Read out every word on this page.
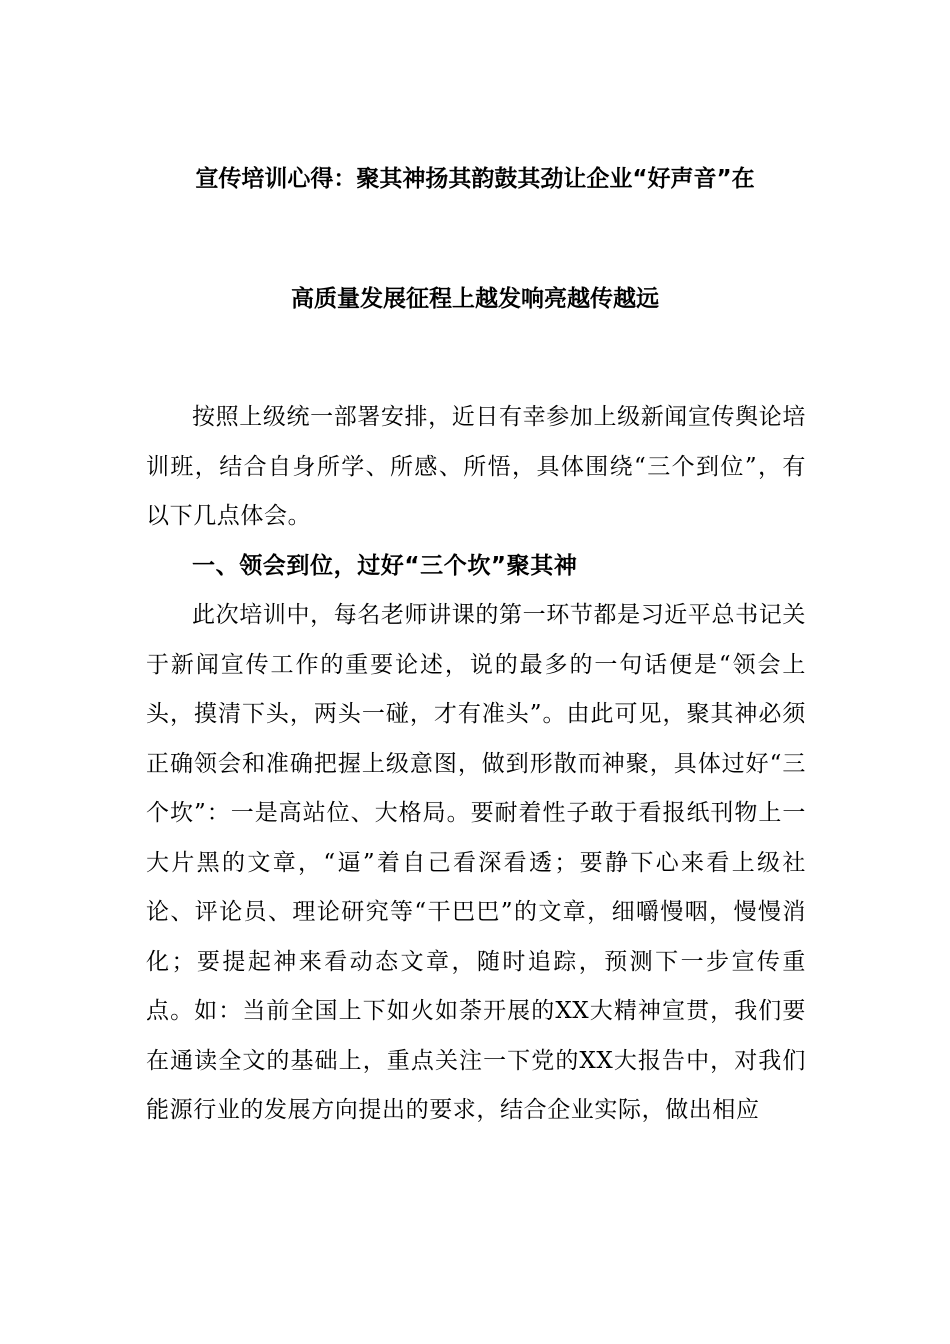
宣传培训心得：聚其神扬其韵鼓其劲让企业“好声音”在
高质量发展征程上越发响亮越传越远

按照上级统一部署安排，近日有幸参加上级新闻宣传舆论培训班，结合自身所学、所感、所悟，具体围绕“三个到位”，有以下几点体会。

一、领会到位，过好“三个坎”聚其神

此次培训中，每名老师讲课的第一环节都是习近平总书记关于新闻宣传工作的重要论述，说的最多的一句话便是“领会上头，摸清下头，两头一碰，才有准头”。由此可见，聚其神必须正确领会和准确把握上级意图，做到形散而神聚，具体过好“三个坎”：一是高站位、大格局。要耐着性子敢于看报纸刊物上一大片黑的文章，“逼”着自己看深看透；要静下心来看上级社论、评论员、理论研究等“干巴巴”的文章，细嚼慢咽，慢慢消化；要提起神来看动态文章，随时追踪，预测下一步宣传重点。如：当前全国上下如火如荼开展的XX大精神宣贯，我们要在通读全文的基础上，重点关注一下党的XX大报告中，对我们能源行业的发展方向提出的要求，结合企业实际，做出相应
